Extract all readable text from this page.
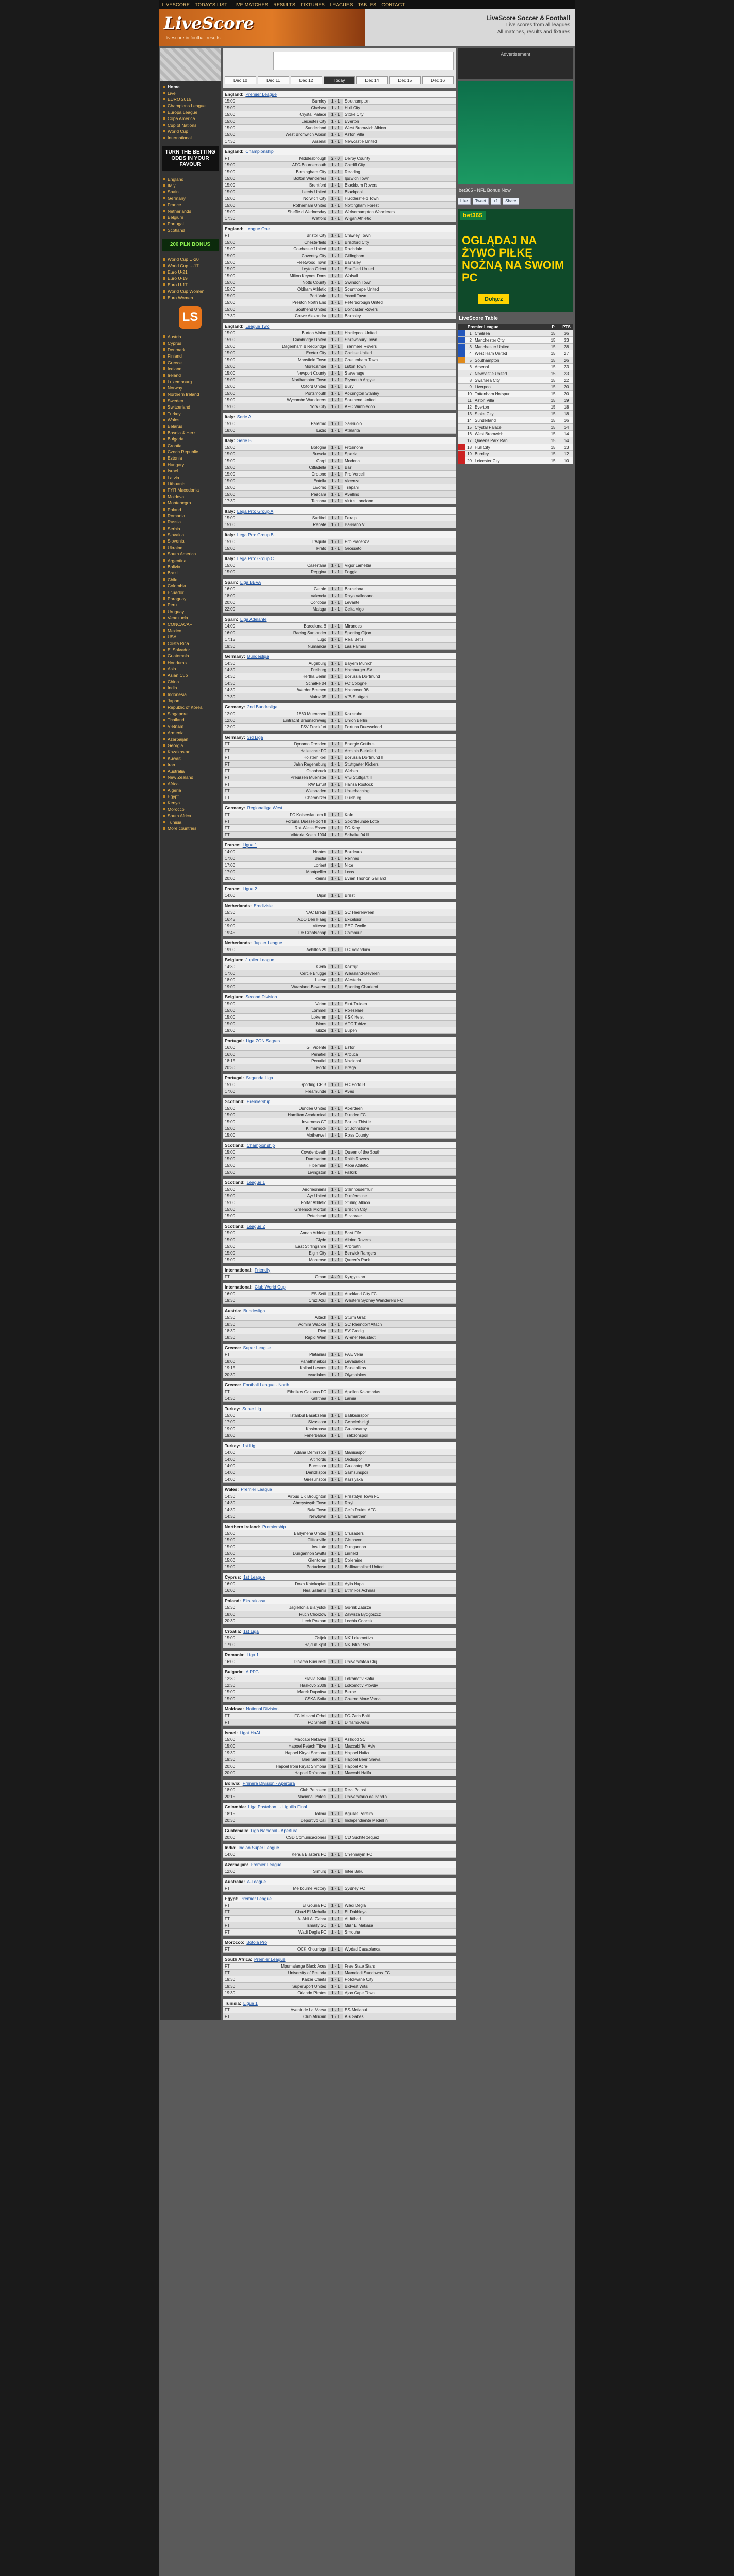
LIVESCORE TODAY'S LIST LIVE MATCHES RESULTS FIXTURES LEAGUES TABLES CONTACT
LiveScore
livescore.in football results
LiveScore Soccer & Football
Live scores from all leagues
All matches, results and fixtures
Home
Live
EURO 2016
Champions League
Europa League
Copa America
Cup of Nations
World Cup
International
TURN THE BETTING ODDS IN YOUR FAVOUR
England
Italy
Spain
Germany
France
Netherlands
Belgium
Portugal
Scotland
200 PLN BONUS
World Cup U-20
World Cup U-17
Euro U-21
Euro U-19
Euro U-17
World Cup Women
Euro Women
LS
Austria
Cyprus
Denmark
Finland
Greece
Iceland
Ireland
Luxembourg
Norway
Northern Ireland
Sweden
Switzerland
Turkey
Wales
Belarus
Bosnia & Herz.
Bulgaria
Croatia
Czech Republic
Estonia
Hungary
Israel
Latvia
Lithuania
FYR Macedonia
Moldova
Montenegro
Poland
Romania
Russia
Serbia
Slovakia
Slovenia
Ukraine
South America
Argentina
Bolivia
Brazil
Chile
Colombia
Ecuador
Paraguay
Peru
Uruguay
Venezuela
CONCACAF
Mexico
USA
Costa Rica
El Salvador
Guatemala
Honduras
Asia
Asian Cup
China
India
Indonesia
Japan
Republic of Korea
Singapore
Thailand
Vietnam
Armenia
Azerbaijan
Georgia
Kazakhstan
Kuwait
Iran
Australia
New Zealand
Africa
Algeria
Egypt
Kenya
Morocco
South Africa
Tunisia
More countries
Dec 10	Dec 11	Dec 12	Today	Dec 14	Dec 15	Dec 16
England: Premier League
15:00	Burnley	1 - 1	Southampton
15:00	Chelsea	1 - 1	Hull City
15:00	Crystal Palace	1 - 1	Stoke City
15:00	Leicester City	1 - 1	Everton
15:00	Sunderland	1 - 1	West Bromwich Albion
15:00	West Bromwich Albion	1 - 1	Aston Villa
17:30	Arsenal	1 - 1	Newcastle United
England: Championship
FT	Middlesbrough	2 - 0	Derby County
15:00	AFC Bournemouth	1 - 1	Cardiff City
15:00	Birmingham City	1 - 1	Reading
15:00	Bolton Wanderers	1 - 1	Ipswich Town
15:00	Brentford	1 - 1	Blackburn Rovers
15:00	Leeds United	1 - 1	Blackpool
15:00	Norwich City	1 - 1	Huddersfield Town
15:00	Rotherham United	1 - 1	Nottingham Forest
15:00	Sheffield Wednesday	1 - 1	Wolverhampton Wanderers
17:30	Watford	1 - 1	Wigan Athletic
England: League One
FT	Bristol City	1 - 1	Crawley Town
15:00	Chesterfield	1 - 1	Bradford City
15:00	Colchester United	1 - 1	Rochdale
15:00	Coventry City	1 - 1	Gillingham
15:00	Fleetwood Town	1 - 1	Barnsley
15:00	Leyton Orient	1 - 1	Sheffield United
15:00	Milton Keynes Dons	1 - 1	Walsall
15:00	Notts County	1 - 1	Swindon Town
15:00	Oldham Athletic	1 - 1	Scunthorpe United
15:00	Port Vale	1 - 1	Yeovil Town
15:00	Preston North End	1 - 1	Peterborough United
15:00	Southend United	1 - 1	Doncaster Rovers
17:30	Crewe Alexandra	1 - 1	Barnsley
England: League Two
15:00	Burton Albion	1 - 1	Hartlepool United
15:00	Cambridge United	1 - 1	Shrewsbury Town
15:00	Dagenham & Redbridge	1 - 1	Tranmere Rovers
15:00	Exeter City	1 - 1	Carlisle United
15:00	Mansfield Town	1 - 1	Cheltenham Town
15:00	Morecambe	1 - 1	Luton Town
15:00	Newport County	1 - 1	Stevenage
15:00	Northampton Town	1 - 1	Plymouth Argyle
15:00	Oxford United	1 - 1	Bury
15:00	Portsmouth	1 - 1	Accrington Stanley
15:00	Wycombe Wanderers	1 - 1	Southend United
15:00	York City	1 - 1	AFC Wimbledon
Italy: Serie A
15:00	Palermo	1 - 1	Sassuolo
18:00	Lazio	1 - 1	Atalanta
Italy: Serie B
15:00	Bologna	1 - 1	Frosinone
15:00	Brescia	1 - 1	Spezia
15:00	Carpi	1 - 1	Modena
15:00	Cittadella	1 - 1	Bari
15:00	Crotone	1 - 1	Pro Vercelli
15:00	Entella	1 - 1	Vicenza
15:00	Livorno	1 - 1	Trapani
15:00	Pescara	1 - 1	Avellino
17:30	Ternana	1 - 1	Virtus Lanciano
Italy: Lega Pro: Group A
15:00	Sudtirol	1 - 1	Feralpi
15:00	Renate	1 - 1	Bassano V.
Italy: Lega Pro: Group B
15:00	L'Aquila	1 - 1	Pro Piacenza
15:00	Prato	1 - 1	Grosseto
Italy: Lega Pro: Group C
15:00	Casertana	1 - 1	Vigor Lamezia
15:00	Reggina	1 - 1	Foggia
Spain: Liga BBVA
16:00	Getafe	1 - 1	Barcelona
18:00	Valencia	1 - 1	Rayo Vallecano
20:00	Cordoba	1 - 1	Levante
22:00	Malaga	1 - 1	Celta Vigo
Spain: Liga Adelante
14:00	Barcelona B	1 - 1	Mirandes
16:00	Racing Santander	1 - 1	Sporting Gijon
17:15	Lugo	1 - 1	Real Betis
19:30	Numancia	1 - 1	Las Palmas
Germany: Bundesliga
14:30	Augsburg	1 - 1	Bayern Munich
14:30	Freiburg	1 - 1	Hamburger SV
14:30	Hertha Berlin	1 - 1	Borussia Dortmund
14:30	Schalke 04	1 - 1	FC Cologne
14:30	Werder Bremen	1 - 1	Hannover 96
17:30	Mainz 05	1 - 1	VfB Stuttgart
Germany: 2nd Bundesliga
12:00	1860 Muenchen	1 - 1	Karlsruhe
12:00	Eintracht Braunschweig	1 - 1	Union Berlin
12:00	FSV Frankfurt	1 - 1	Fortuna Duesseldorf
Germany: 3rd Liga
FT	Dynamo Dresden	1 - 1	Energie Cottbus
FT	Hallescher FC	1 - 1	Arminia Bielefeld
FT	Holstein Kiel	1 - 1	Borussia Dortmund II
FT	Jahn Regensburg	1 - 1	Stuttgarter Kickers
FT	Osnabruck	1 - 1	Wehen
FT	Preussen Muenster	1 - 1	VfB Stuttgart II
FT	RW Erfurt	1 - 1	Hansa Rostock
FT	Wiesbaden	1 - 1	Unterhaching
FT	Chemnitzer	1 - 1	Duisburg
Germany: Regionalliga West
FT	FC Kaiserslautern II	1 - 1	Koln II
FT	Fortuna Duesseldorf II	1 - 1	Sportfreunde Lotte
FT	Rot-Weiss Essen	1 - 1	FC Kray
FT	Viktoria Koeln 1904	1 - 1	Schalke 04 II
France: Ligue 1
14:00	Nantes	1 - 1	Bordeaux
17:00	Bastia	1 - 1	Rennes
17:00	Lorient	1 - 1	Nice
17:00	Montpellier	1 - 1	Lens
20:00	Reims	1 - 1	Evian Thonon Gaillard
France: Ligue 2
14:00	Dijon	1 - 1	Brest
Netherlands: Eredivisie
15:30	NAC Breda	1 - 1	SC Heerenveen
16:45	ADO Den Haag	1 - 1	Excelsior
19:00	Vitesse	1 - 1	PEC Zwolle
19:45	De Graafschap	1 - 1	Cambuur
Netherlands: Jupiler League
19:00	Achilles 29	1 - 1	FC Volendam
Belgium: Jupiler League
14:30	Genk	1 - 1	Kortrijk
17:00	Cercle Brugge	1 - 1	Waasland-Beveren
18:00	Lierse	1 - 1	Westerlo
19:00	Waasland-Beveren	1 - 1	Sporting Charleroi
Belgium: Second Division
15:00	Virton	1 - 1	Sint-Truiden
15:00	Lommel	1 - 1	Roeselare
15:00	Lokeren	1 - 1	KSK Heist
15:00	Mons	1 - 1	AFC Tubize
19:00	Tubize	1 - 1	Eupen
Portugal: Liga ZON Sagres
16:00	Gil Vicente	1 - 1	Estoril
16:00	Penafiel	1 - 1	Arouca
18:15	Penafiel	1 - 1	Nacional
20:30	Porto	1 - 1	Braga
Portugal: Segunda Liga
15:00	Sporting CP B	1 - 1	FC Porto B
17:00	Freamunde	1 - 1	Aves
Scotland: Premiership
15:00	Dundee United	1 - 1	Aberdeen
15:00	Hamilton Academical	1 - 1	Dundee FC
15:00	Inverness CT	1 - 1	Partick Thistle
15:00	Kilmarnock	1 - 1	St Johnstone
15:00	Motherwell	1 - 1	Ross County
Scotland: Championship
15:00	Cowdenbeath	1 - 1	Queen of the South
15:00	Dumbarton	1 - 1	Raith Rovers
15:00	Hibernian	1 - 1	Alloa Athletic
15:00	Livingston	1 - 1	Falkirk
Scotland: League 1
15:00	Airdrieonians	1 - 1	Stenhousemuir
15:00	Ayr United	1 - 1	Dunfermline
15:00	Forfar Athletic	1 - 1	Stirling Albion
15:00	Greenock Morton	1 - 1	Brechin City
15:00	Peterhead	1 - 1	Stranraer
Scotland: League 2
15:00	Annan Athletic	1 - 1	East Fife
15:00	Clyde	1 - 1	Albion Rovers
15:00	East Stirlingshire	1 - 1	Arbroath
15:00	Elgin City	1 - 1	Berwick Rangers
15:00	Montrose	1 - 1	Queen's Park
International: Friendly
FT	Oman	4 - 0	Kyrgyzstan
International: Club World Cup
16:00	ES Setif	1 - 1	Auckland City FC
19:30	Cruz Azul	1 - 1	Western Sydney Wanderers FC
Austria: Bundesliga
15:30	Altach	1 - 1	Sturm Graz
18:30	Admira Wacker	1 - 1	SC Rheindorf Altach
18:30	Ried	1 - 1	SV Grodig
18:30	Rapid Wien	1 - 1	Wiener Neustadt
Greece: Super League
FT	Platanias	1 - 1	PAE Veria
18:00	Panathinaikos	1 - 1	Levadiakos
19:15	Kalloni Lesvos	1 - 1	Panetolikos
20:30	Levadiakos	1 - 1	Olympiakos
Greece: Football League - North
FT	Ethnikos Gazoros FC	1 - 1	Apollon Kalamarias
14:30	Kallithea	1 - 1	Lamia
Turkey: Super Lig
15:00	Istanbul Basaksehir	1 - 1	Balikesirspor
17:00	Sivasspor	1 - 1	Genclerbirligi
19:00	Kasimpasa	1 - 1	Galatasaray
19:00	Fenerbahce	1 - 1	Trabzonspor
Turkey: 1st Lig
14:00	Adana Demirspor	1 - 1	Manisaspor
14:00	Altinordu	1 - 1	Orduspor
14:00	Bucaspor	1 - 1	Gaziantep BB
14:00	Denizlispor	1 - 1	Samsunspor
14:00	Giresunspor	1 - 1	Karsiyaka
Wales: Premier League
14:30	Airbus UK Broughton	1 - 1	Prestatyn Town FC
14:30	Aberystwyth Town	1 - 1	Rhyl
14:30	Bala Town	1 - 1	Cefn Druids AFC
14:30	Newtown	1 - 1	Carmarthen
Northern Ireland: Premiership
15:00	Ballymena United	1 - 1	Crusaders
15:00	Cliftonville	1 - 1	Glenavon
15:00	Institute	1 - 1	Dungannon
15:00	Dungannon Swifts	1 - 1	Linfield
15:00	Glentoran	1 - 1	Coleraine
15:00	Portadown	1 - 1	Ballinamallard United
Cyprus: 1st League
16:00	Doxa Katokopias	1 - 1	Ayia Napa
16:00	Nea Salamis	1 - 1	Ethnikos Achnas
Poland: Ekstraklasa
15:30	Jagiellonia Bialystok	1 - 1	Gornik Zabrze
18:00	Ruch Chorzow	1 - 1	Zawisza Bydgoszcz
20:30	Lech Poznan	1 - 1	Lechia Gdansk
Croatia: 1st Liga
15:00	Osijek	1 - 1	NK Lokomotiva
17:00	Hajduk Split	1 - 1	NK Istra 1961
Romania: Liga 1
16:00	Dinamo Bucuresti	1 - 1	Universitatea Cluj
Bulgaria: A PFG
12:30	Slavia Sofia	1 - 1	Lokomotiv Sofia
12:30	Haskovo 2009	1 - 1	Lokomotiv Plovdiv
15:00	Marek Dupnitsa	1 - 1	Beroe
15:00	CSKA Sofia	1 - 1	Cherno More Varna
Moldova: National Division
FT	FC Milsami Orhei	1 - 1	FC Zaria Balti
FT	FC Sheriff	1 - 1	Dinamo-Auto
Israel: Ligat HaAl
15:00	Maccabi Netanya	1 - 1	Ashdod SC
15:00	Hapoel Petach Tikva	1 - 1	Maccabi Tel Aviv
19:30	Hapoel Kiryat Shmona	1 - 1	Hapoel Haifa
19:30	Bnei Sakhnin	1 - 1	Hapoel Beer Sheva
20:00	Hapoel Ironi Kiryat Shmona	1 - 1	Hapoel Acre
20:00	Hapoel Ra'anana	1 - 1	Maccabi Haifa
Bolivia: Primera Division - Apertura
18:00	Club Petrolero	1 - 1	Real Potosi
20:15	Nacional Potosi	1 - 1	Universitario de Pando
Colombia: Liga Postobon I - Liguilla Final
18:15	Tolima	1 - 1	Aguilas Pereira
20:30	Deportivo Cali	1 - 1	Independiente Medellin
Guatemala: Liga Nacional - Apertura
20:00	CSD Comunicaciones	1 - 1	CD Suchitepequez
India: Indian Super League
14:00	Kerala Blasters FC	1 - 1	Chennaiyin FC
Azerbaijan: Premier League
12:00	Simurq	1 - 1	Inter Baku
Australia: A-League
FT	Melbourne Victory	1 - 1	Sydney FC
Egypt: Premier League
FT	El Gouna FC	1 - 1	Wadi Degla
FT	Ghazl El Mehalla	1 - 1	El Dakhleya
FT	Al Ahli Al Gahra	1 - 1	Al Ittihad
FT	Ismaily SC	1 - 1	Misr El Makasa
FT	Wadi Degla FC	1 - 1	Smouha
Morocco: Botola Pro
FT	OCK Khouribga	1 - 1	Wydad Casablanca
South Africa: Premier League
FT	Mpumalanga Black Aces	1 - 1	Free State Stars
FT	University of Pretoria	1 - 1	Mamelodi Sundowns FC
19:30	Kaizer Chiefs	1 - 1	Polokwane City
19:30	SuperSport United	1 - 1	Bidvest Wits
19:30	Orlando Pirates	1 - 1	Ajax Cape Town
Tunisia: Ligue 1
FT	Avenir de La Marsa	1 - 1	ES Metlaoui
FT	Club Africain	1 - 1	AS Gabes
Advertisement
bet365 - NFL Bonus Now
Like	Tweet	+1	Share
bet365
OGLĄDAJ NA ŻYWO PIŁKĘ NOŻNĄ NA SWOIM PC
Dołącz
LiveScore Table
Premier League	P	PTS
1 Chelsea	15	36
2 Manchester City	15	33
3 Manchester United	15	28
4 West Ham United	15	27
5 Southampton	15	26
6 Arsenal	15	23
7 Newcastle United	15	23
8 Swansea City	15	22
9 Liverpool	15	20
10 Tottenham Hotspur	15	20
11 Aston Villa	15	19
12 Everton	15	18
13 Stoke City	15	18
14 Sunderland	15	16
15 Crystal Palace	15	14
16 West Bromwich	15	14
17 Queens Park Ran.	15	14
18 Hull City	15	13
19 Burnley	15	12
20 Leicester City	15	10
